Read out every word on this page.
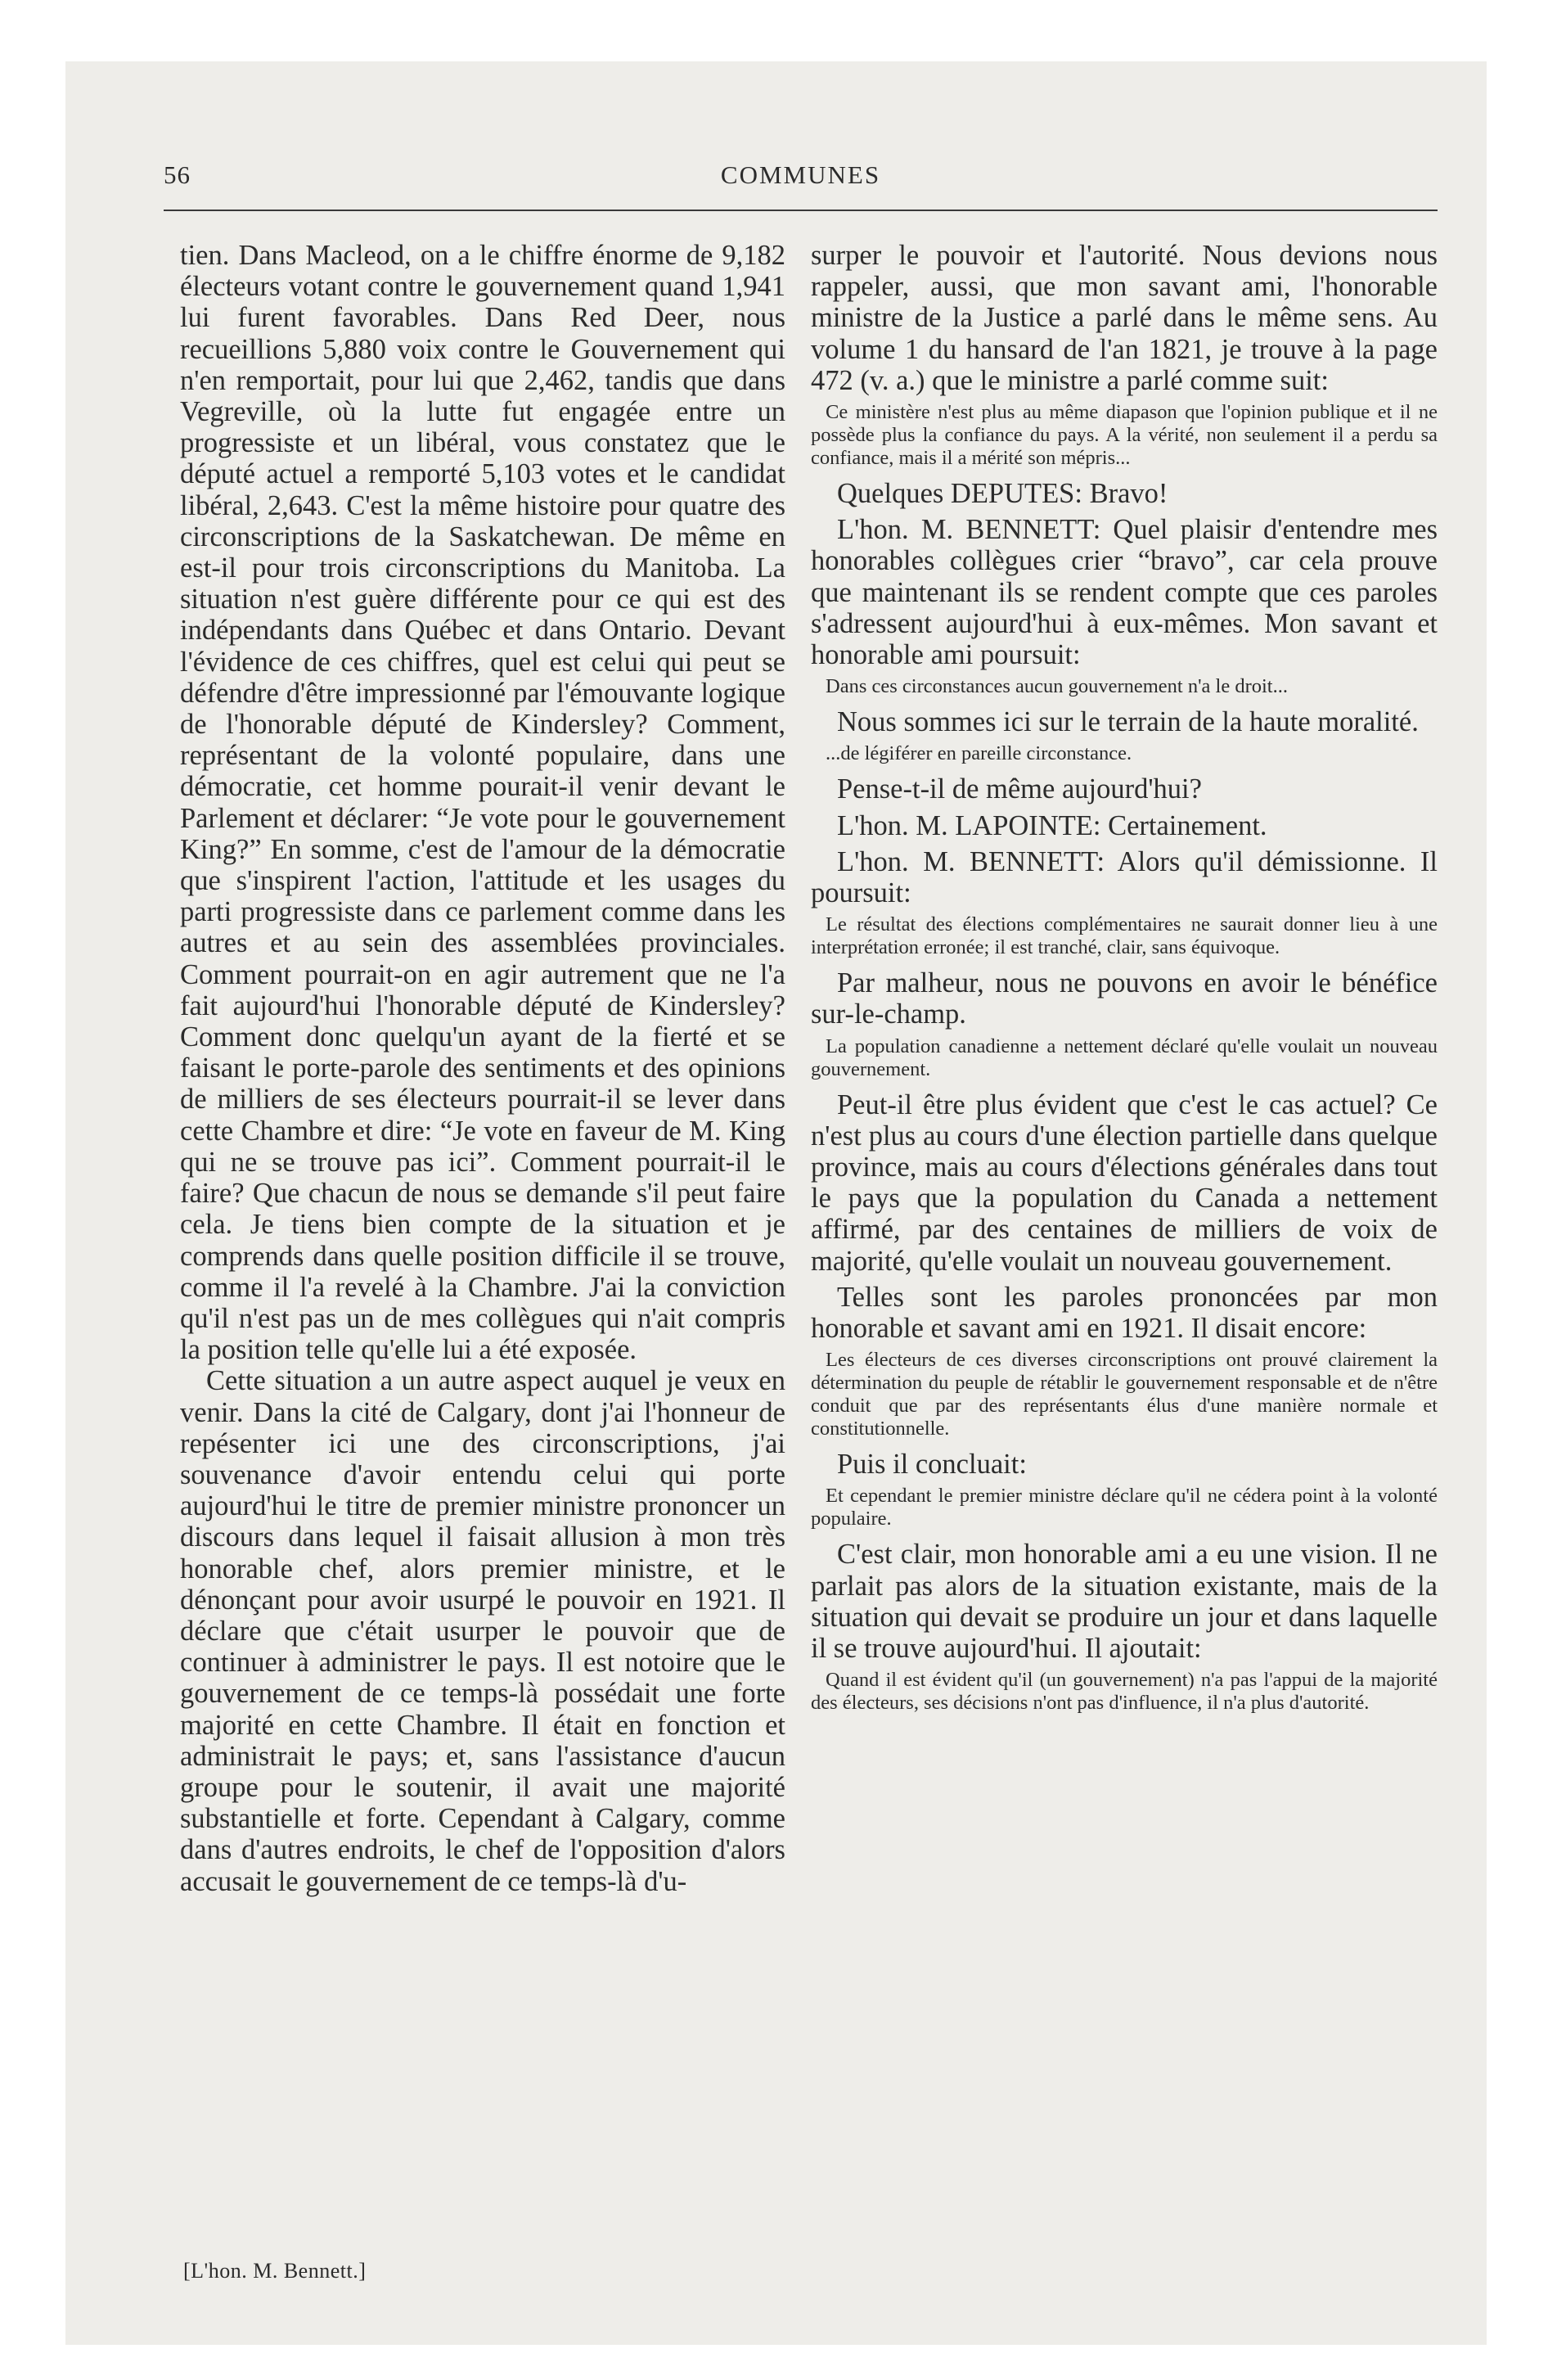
56	COMMUNES

tien. Dans Macleod, on a le chiffre énorme de 9,182 électeurs votant contre le gouvernement quand 1,941 lui furent favorables. Dans Red Deer, nous recueillions 5,880 voix contre le Gouvernement qui n'en remportait, pour lui que 2,462, tandis que dans Vegreville, où la lutte fut engagée entre un progressiste et un libéral, vous constatez que le député actuel a remporté 5,103 votes et le candidat libéral, 2,643. C'est la même histoire pour quatre des circonscriptions de la Saskatchewan. De même en est-il pour trois circonscriptions du Manitoba. La situation n'est guère différente pour ce qui est des indépendants dans Québec et dans Ontario. Devant l'évidence de ces chiffres, quel est celui qui peut se défendre d'être impressionné par l'émouvante logique de l'honorable député de Kindersley? Comment, représentant de la volonté populaire, dans une démocratie, cet homme pourait-il venir devant le Parlement et déclarer: “Je vote pour le gouvernement King?” En somme, c'est de l'amour de la démocratie que s'inspirent l'action, l'attitude et les usages du parti progressiste dans ce parlement comme dans les autres et au sein des assemblées provinciales. Comment pourrait-on en agir autrement que ne l'a fait aujourd'hui l'honorable député de Kindersley? Comment donc quelqu'un ayant de la fierté et se faisant le porte-parole des sentiments et des opinions de milliers de ses électeurs pourrait-il se lever dans cette Chambre et dire: “Je vote en faveur de M. King qui ne se trouve pas ici”. Comment pourrait-il le faire? Que chacun de nous se demande s'il peut faire cela. Je tiens bien compte de la situation et je comprends dans quelle position difficile il se trouve, comme il l'a revelé à la Chambre. J'ai la conviction qu'il n'est pas un de mes collègues qui n'ait compris la position telle qu'elle lui a été exposée.

Cette situation a un autre aspect auquel je veux en venir. Dans la cité de Calgary, dont j'ai l'honneur de repésenter ici une des circonscriptions, j'ai souvenance d'avoir entendu celui qui porte aujourd'hui le titre de premier ministre prononcer un discours dans lequel il faisait allusion à mon très honorable chef, alors premier ministre, et le dénonçant pour avoir usurpé le pouvoir en 1921. Il déclare que c'était usurper le pouvoir que de continuer à administrer le pays. Il est notoire que le gouvernement de ce temps-là possédait une forte majorité en cette Chambre. Il était en fonction et administrait le pays; et, sans l'assistance d'aucun groupe pour le soutenir, il avait une majorité substantielle et forte. Cependant à Calgary, comme dans d'autres endroits, le chef de l'opposition d'alors accusait le gouvernement de ce temps-là d'u-

surper le pouvoir et l'autorité. Nous devions nous rappeler, aussi, que mon savant ami, l'honorable ministre de la Justice a parlé dans le même sens. Au volume 1 du hansard de l'an 1821, je trouve à la page 472 (v. a.) que le ministre a parlé comme suit:

Ce ministère n'est plus au même diapason que l'opinion publique et il ne possède plus la confiance du pays. A la vérité, non seulement il a perdu sa confiance, mais il a mérité son mépris...

Quelques DEPUTES: Bravo!

L'hon. M. BENNETT: Quel plaisir d'entendre mes honorables collègues crier “bravo”, car cela prouve que maintenant ils se rendent compte que ces paroles s'adressent aujourd'hui à eux-mêmes. Mon savant et honorable ami poursuit:

Dans ces circonstances aucun gouvernement n'a le droit...

Nous sommes ici sur le terrain de la haute moralité.

...de légiférer en pareille circonstance.

Pense-t-il de même aujourd'hui?

L'hon. M. LAPOINTE: Certainement.

L'hon. M. BENNETT: Alors qu'il démissionne. Il poursuit:

Le résultat des élections complémentaires ne saurait donner lieu à une interprétation erronée; il est tranché, clair, sans équivoque.

Par malheur, nous ne pouvons en avoir le bénéfice sur-le-champ.

La population canadienne a nettement déclaré qu'elle voulait un nouveau gouvernement.

Peut-il être plus évident que c'est le cas actuel? Ce n'est plus au cours d'une élection partielle dans quelque province, mais au cours d'élections générales dans tout le pays que la population du Canada a nettement affirmé, par des centaines de milliers de voix de majorité, qu'elle voulait un nouveau gouvernement.

Telles sont les paroles prononcées par mon honorable et savant ami en 1921. Il disait encore:

Les électeurs de ces diverses circonscriptions ont prouvé clairement la détermination du peuple de rétablir le gouvernement responsable et de n'être conduit que par des représentants élus d'une manière normale et constitutionnelle.

Puis il concluait:

Et cependant le premier ministre déclare qu'il ne cédera point à la volonté populaire.

C'est clair, mon honorable ami a eu une vision. Il ne parlait pas alors de la situation existante, mais de la situation qui devait se produire un jour et dans laquelle il se trouve aujourd'hui. Il ajoutait:

Quand il est évident qu'il (un gouvernement) n'a pas l'appui de la majorité des électeurs, ses décisions n'ont pas d'influence, il n'a plus d'autorité.

[L'hon. M. Bennett.]
